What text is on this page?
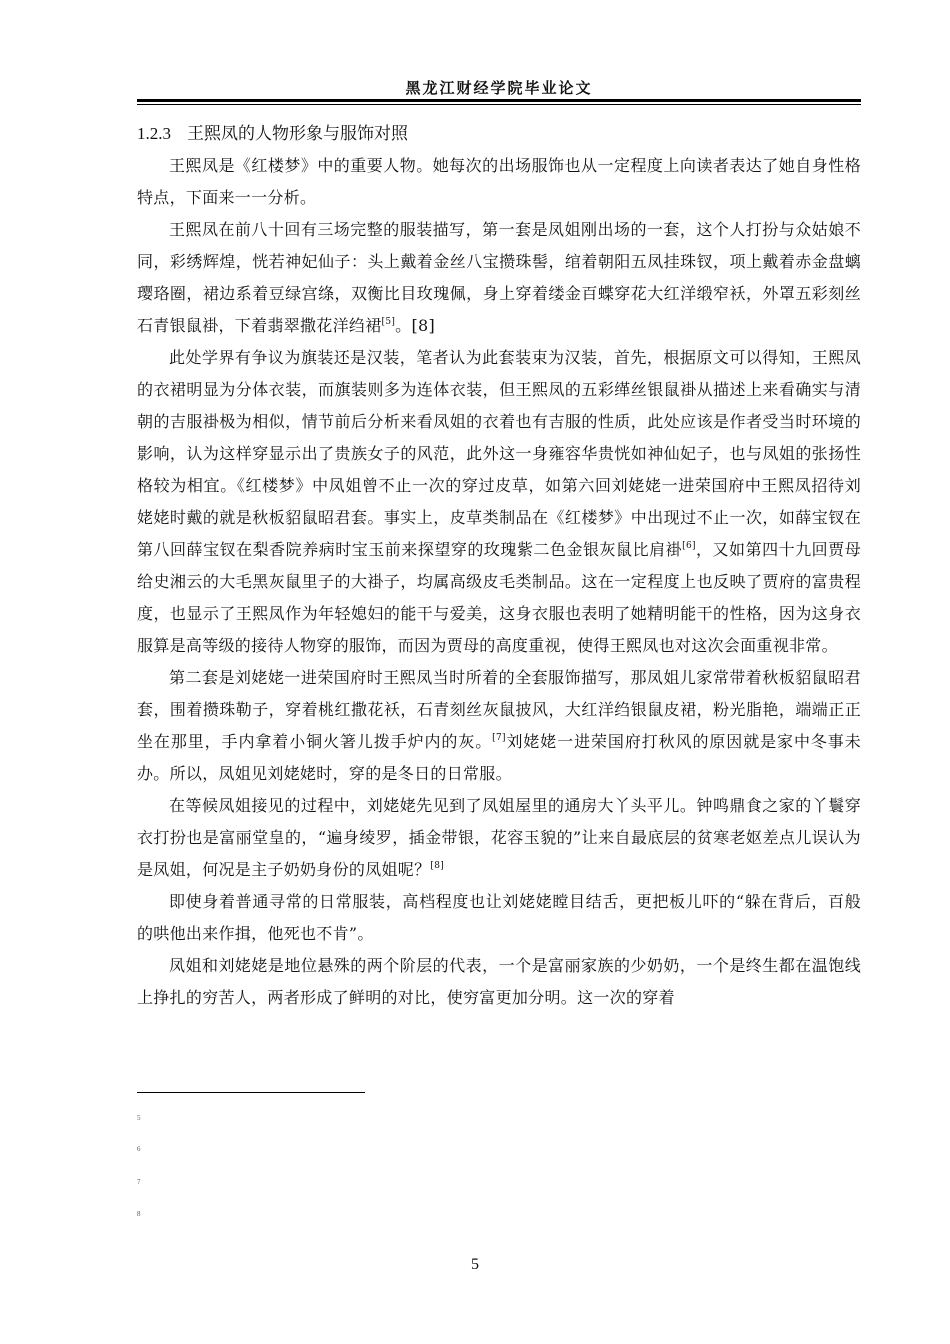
黑龙江财经学院毕业论文
1.2.3 王熙凤的人物形象与服饰对照

王熙凤是《红楼梦》中的重要人物。她每次的出场服饰也从一定程度上向读者表达了她自身性格特点，下面来一一分析。

王熙凤在前八十回有三场完整的服装描写，第一套是凤姐刚出场的一套，这个人打扮与众姑娘不同，彩绣辉煌，恍若神妃仙子：头上戴着金丝八宝攒珠髻，绾着朝阳五凤挂珠钗，项上戴着赤金盘螭璎珞圈，裙边系着豆绿宫绦，双衡比目玫瑰佩，身上穿着缕金百蝶穿花大红洋缎窄袄，外罩五彩刻丝石青银鼠褂，下着翡翠撒花洋绉裙[5]。[8]

此处学界有争议为旗装还是汉装，笔者认为此套装束为汉装，首先，根据原文可以得知，王熙凤的衣裙明显为分体衣装，而旗装则多为连体衣装，但王熙凤的五彩缂丝银鼠褂从描述上来看确实与清朝的吉服褂极为相似，情节前后分析来看凤姐的衣着也有吉服的性质，此处应该是作者受当时环境的影响，认为这样穿显示出了贵族女子的风范，此外这一身雍容华贵恍如神仙妃子，也与凤姐的张扬性格较为相宜。《红楼梦》中凤姐曾不止一次的穿过皮草，如第六回刘姥姥一进荣国府中王熙凤招待刘姥姥时戴的就是秋板貂鼠昭君套。事实上，皮草类制品在《红楼梦》中出现过不止一次，如薛宝钗在第八回薛宝钗在梨香院养病时宝玉前来探望穿的玫瑰紫二色金银灰鼠比肩褂[6]，又如第四十九回贾母给史湘云的大毛黑灰鼠里子的大褂子，均属高级皮毛类制品。这在一定程度上也反映了贾府的富贵程度，也显示了王熙凤作为年轻媳妇的能干与爱美，这身衣服也表明了她精明能干的性格，因为这身衣服算是高等级的接待人物穿的服饰，而因为贾母的高度重视，使得王熙凤也对这次会面重视非常。

第二套是刘姥姥一进荣国府时王熙凤当时所着的全套服饰描写，那凤姐儿家常带着秋板貂鼠昭君套，围着攒珠勒子，穿着桃红撒花袄，石青刻丝灰鼠披风，大红洋绉银鼠皮裙，粉光脂艳，端端正正坐在那里，手内拿着小铜火箸儿拨手炉内的灰。[7]刘姥姥一进荣国府打秋风的原因就是家中冬事未办。所以，凤姐见刘姥姥时，穿的是冬日的日常服。

在等候凤姐接见的过程中，刘姥姥先见到了凤姐屋里的通房大丫头平儿。钟鸣鼎食之家的丫鬟穿衣打扮也是富丽堂皇的，“遍身绫罗，插金带银，花容玉貌的”让来自最底层的贫寒老妪差点儿误认为是凤姐，何况是主子奶奶身份的凤姐呢？[8]

即使身着普通寻常的日常服装，高档程度也让刘姥姥瞠目结舌，更把板儿吓的“躲在背后，百般的哄他出来作揖，他死也不肯”。

凤姐和刘姥姥是地位悬殊的两个阶层的代表，一个是富丽家族的少奶奶，一个是终生都在温饱线上挣扎的穷苦人，两者形成了鲜明的对比，使穷富更加分明。这一次的穿着

5
6
7
8
5
